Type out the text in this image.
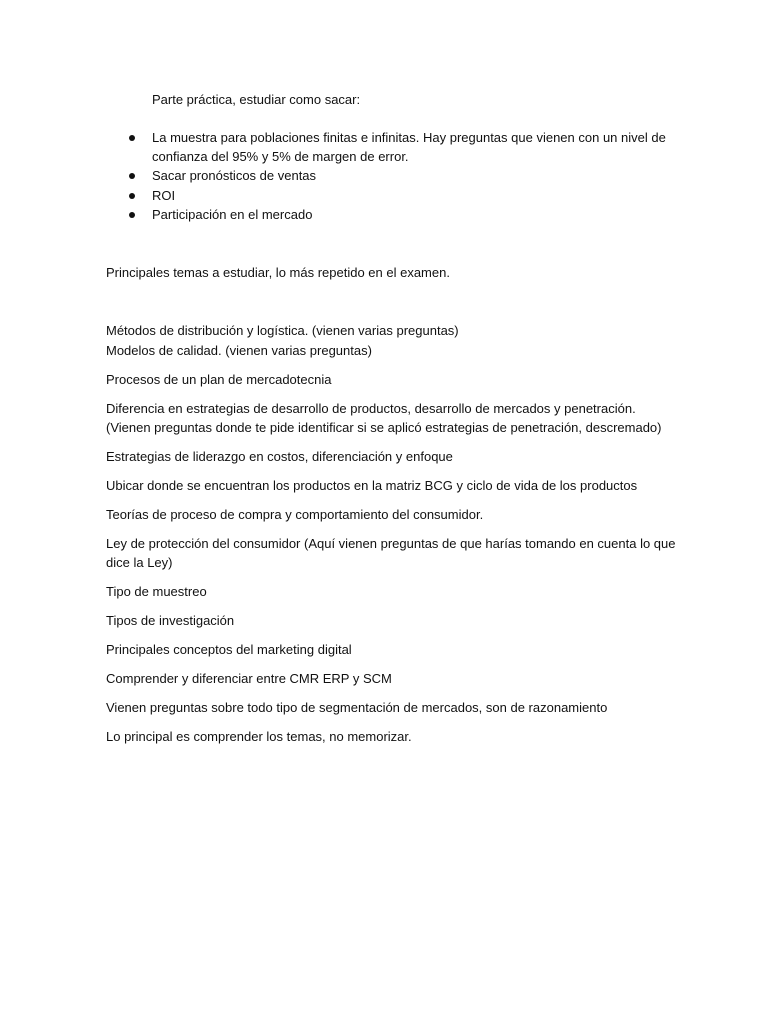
Parte práctica, estudiar como sacar:
La muestra para poblaciones finitas e infinitas. Hay preguntas que vienen con un nivel de
confianza del 95% y 5% de margen de error.
Sacar pronósticos de ventas
ROI
Participación en el mercado
Principales temas a estudiar, lo más repetido en el examen.
Métodos de distribución y logística. (vienen varias preguntas)
Modelos de calidad. (vienen varias preguntas)
Procesos de un plan de mercadotecnia
Diferencia en estrategias de desarrollo de productos, desarrollo de mercados y penetración.
(Vienen preguntas donde te pide identificar si se aplicó estrategias de penetración, descremado)
Estrategias de liderazgo en costos, diferenciación y enfoque
Ubicar donde se encuentran los productos en la matriz BCG y ciclo de vida de los productos
Teorías de proceso de compra y comportamiento del consumidor.
Ley de protección del consumidor (Aquí vienen preguntas de que harías tomando en cuenta lo que
dice la Ley)
Tipo de muestreo
Tipos de investigación
Principales conceptos del marketing digital
Comprender y diferenciar entre CMR ERP y SCM
Vienen preguntas sobre todo tipo de segmentación de mercados, son de razonamiento
Lo principal es comprender los temas, no memorizar.
